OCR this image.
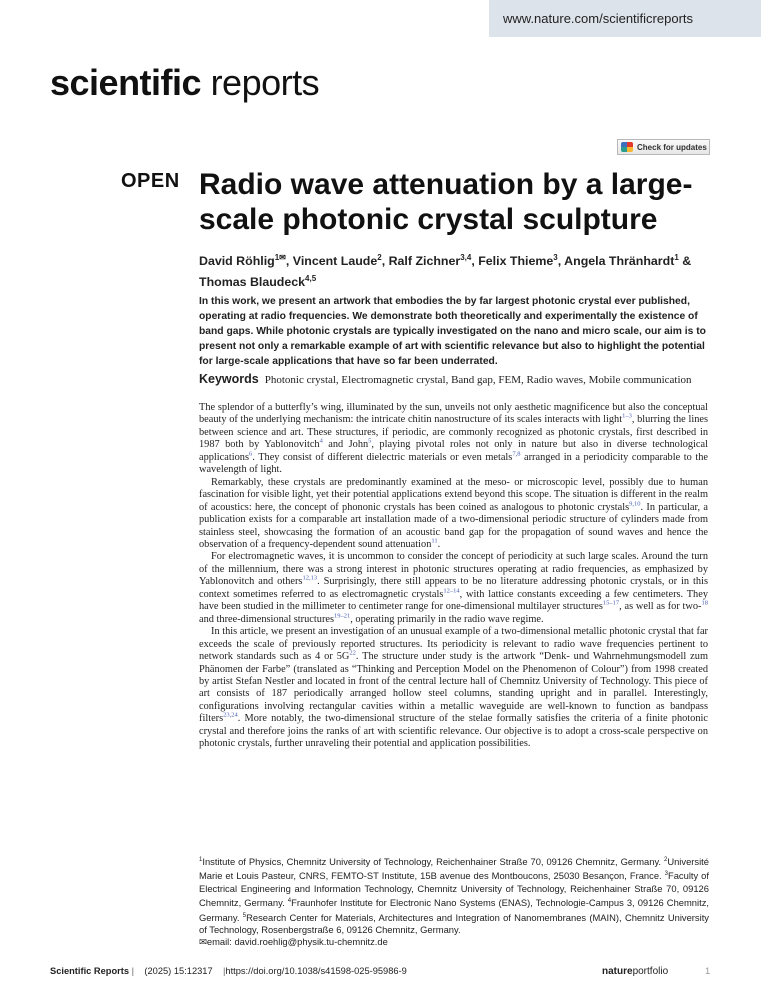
www.nature.com/scientificreports
scientific reports
Check for updates
OPEN Radio wave attenuation by a large-scale photonic crystal sculpture
David Röhlig$^{1✉}$, Vincent Laude$^2$, Ralf Zichner$^{3,4}$, Felix Thieme$^3$, Angela Thränhardt$^1$ & Thomas Blaudeck$^{4,5}$

In this work, we present an artwork that embodies the by far largest photonic crystal ever published, operating at radio frequencies. We demonstrate both theoretically and experimentally the existence of band gaps. While photonic crystals are typically investigated on the nano and micro scale, our aim is to present not only a remarkable example of art with scientific relevance but also to highlight the potential for large-scale applications that have so far been underrated.

Keywords Photonic crystal, Electromagnetic crystal, Band gap, FEM, Radio waves, Mobile communication

The splendor of a butterfly’s wing, illuminated by the sun, unveils not only aesthetic magnificence but also the conceptual beauty of the underlying mechanism: the intricate chitin nanostructure of its scales interacts with light$^{1-3}$, blurring the lines between science and art. These structures, if periodic, are commonly recognized as photonic crystals, first described in 1987 both by Yablonovitch$^4$ and John$^5$, playing pivotal roles not only in nature but also in diverse technological applications$^6$. They consist of different dielectric materials or even metals$^{7,8}$ arranged in a periodicity comparable to the wavelength of light.

Remarkably, these crystals are predominantly examined at the meso- or microscopic level, possibly due to human fascination for visible light, yet their potential applications extend beyond this scope. The situation is different in the realm of acoustics: here, the concept of phononic crystals has been coined as analogous to photonic crystals$^{9,10}$. In particular, a publication exists for a comparable art installation made of a two-dimensional periodic structure of cylinders made from stainless steel, showcasing the formation of an acoustic band gap for the propagation of sound waves and hence the observation of a frequency-dependent sound attenuation$^{11}$.

For electromagnetic waves, it is uncommon to consider the concept of periodicity at such large scales. Around the turn of the millennium, there was a strong interest in photonic structures operating at radio frequencies, as emphasized by Yablonovitch and others$^{12,13}$. Surprisingly, there still appears to be no literature addressing photonic crystals, or in this context sometimes referred to as electromagnetic crystals$^{12-14}$, with lattice constants exceeding a few centimeters. They have been studied in the millimeter to centimeter range for one-dimensional multilayer structures$^{15-17}$, as well as for two-$^{18}$ and three-dimensional structures$^{19-21}$, operating primarily in the radio wave regime.

In this article, we present an investigation of an unusual example of a two-dimensional metallic photonic crystal that far exceeds the scale of previously reported structures. Its periodicity is relevant to radio wave frequencies pertinent to network standards such as 4 or $5G^{22}$. The structure under study is the artwork “Denk- und Wahrnehmungsmodell zum Phänomen der Farbe” (translated as “Thinking and Perception Model on the Phenomenon of Colour”) from 1998 created by artist Stefan Nestler and located in front of the central lecture hall of Chemnitz University of Technology. This piece of art consists of 187 periodically arranged hollow steel columns, standing upright and in parallel. Interestingly, configurations involving rectangular cavities within a metallic waveguide are well-known to function as bandpass filters$^{23,24}$. More notably, the two-dimensional structure of the stelae formally satisfies the criteria of a finite photonic crystal and therefore joins the ranks of art with scientific relevance. Our objective is to adopt a cross-scale perspective on photonic crystals, further unraveling their potential and application possibilities.

$^1$Institute of Physics, Chemnitz University of Technology, Reichenhainer Straße 70, 09126 Chemnitz, Germany. $^2$Université Marie et Louis Pasteur, CNRS, FEMTO-ST Institute, 15B avenue des Montboucons, 25030 Besançon, France. $^3$Faculty of Electrical Engineering and Information Technology, Chemnitz University of Technology, Reichenhainer Straße 70, 09126 Chemnitz, Germany. $^4$Fraunhofer Institute for Electronic Nano Systems (ENAS), Technologie-Campus 3, 09126 Chemnitz, Germany. $^5$Research Center for Materials, Architectures and Integration of Nanomembranes (MAIN), Chemnitz University of Technology, Rosenbergstraße 6, 09126 Chemnitz, Germany.
✉email: david.roehlig@physik.tu-chemnitz.de
Scientific Reports | (2025) 15:12317 |https://doi.org/10.1038/s41598-025-95986-9	natureportfolio	1
